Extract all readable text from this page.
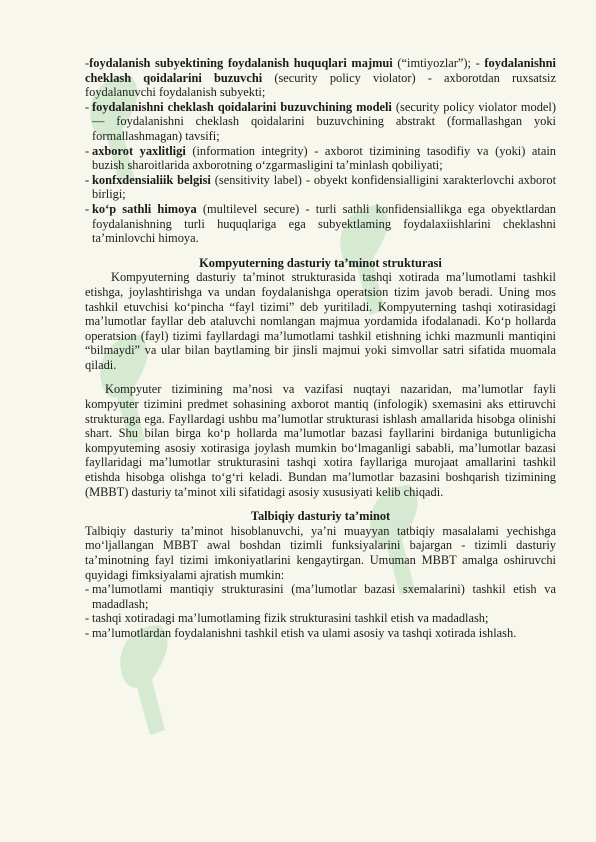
-foydalanish subyektining foydalanish huquqlari majmui (“imtiyozlar”); - foydalanishni cheklash qoidalarini buzuvchi (security policy violator) - axborotdan ruxsatsiz foydalanuvchi foydalanish subyekti;

- foydalanishni cheklash qoidalarini buzuvchining modeli (security policy violator model) — foydalanishni cheklash qoidalarini buzuvchining abstrakt (formallashgan yoki formallashmagan) tavsifi;
- axborot yaxlitligi (information integrity) - axborot tizimining tasodifiy va (yoki) atain buzish sharoitlarida axborotning o‘zgarmasligini ta’minlash qobiliyati;
- konfxdensialiik belgisi (sensitivity label) - obyekt konfidensialligini xarakterlovchi axborot birligi;
- ko‘p sathli himoya (multilevel secure) - turli sathli konfidensiallikga ega obyektlardan foydalanishning turli huquqlariga ega subyektlaming foydalaxiishlarini cheklashni ta’minlovchi himoya.

Kompyuterning dasturiy ta’minot strukturasi

Kompyuterning dasturiy ta’minot strukturasida tashqi xotirada ma’lumotlami tashkil etishga, joylashtirishga va undan foydalanishga operatsion tizim javob beradi. Uning mos tashkil etuvchisi ko‘pincha “fayl tizimi” deb yuritiladi. Kompyuterning tashqi xotirasidagi ma’lumotlar fayllar deb ataluvchi nomlangan majmua yordamida ifodalanadi. Ko‘p hollarda operatsion (fayl) tizimi fayllardagi ma’lumotlami tashkil etishning ichki mazmunli mantiqini “bilmaydi” va ular bilan baytlaming bir jinsli majmui yoki simvollar satri sifatida muomala qiladi.

Kompyuter tizimining ma’nosi va vazifasi nuqtayi nazaridan, ma’lumotlar fayli kompyuter tizimini predmet sohasining axborot mantiq (infologik) sxemasini aks ettiruvchi strukturaga ega. Fayllardagi ushbu ma’lumotlar strukturasi ishlash amallarida hisobga olinishi shart. Shu bilan birga ko‘p hollarda ma’lumotlar bazasi fayllarini birdaniga butunligicha kompyuteming asosiy xotirasiga joylash mumkin bo‘lmaganligi sababli, ma’lumotlar bazasi fayllaridagi ma’lumotlar strukturasini tashqi xotira fayllariga murojaat amallarini tashkil etishda hisobga olishga to‘g‘ri keladi. Bundan ma’lumotlar bazasini boshqarish tizimining (MBBT) dasturiy ta’minot xili sifatidagi asosiy xususiyati kelib chiqadi.

Talbiqiy dasturiy ta’minot

Talbiqiy dasturiy ta’minot hisoblanuvchi, ya’ni muayyan tatbiqiy masalalami yechishga mo‘ljallangan MBBT awal boshdan tizimli funksiyalarini bajargan - tizimli dasturiy ta’minotning fayl tizimi imkoniyatlarini kengaytirgan. Umuman MBBT amalga oshiruvchi quyidagi fimksiyalami ajratish mumkin:

- ma’lumotlami mantiqiy strukturasini (ma’lumotlar bazasi sxemalarini) tashkil etish va madadlash;
- tashqi xotiradagi ma’lumotlaming fizik strukturasini tashkil etish va madadlash;
- ma’lumotlardan foydalanishni tashkil etish va ulami asosiy va tashqi xotirada ishlash.
